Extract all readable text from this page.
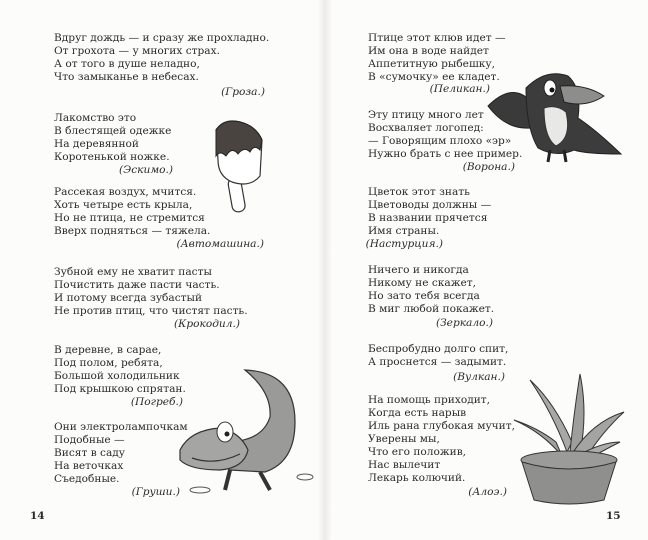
Вдруг дождь — и сразу же прохладно.
От грохота — у многих страх.
А от того в душе неладно,
Что замыканье в небесах.
(Гроза.)
Лакомство это
В блестящей одежке
На деревянной
Коротенькой ножке.
(Эскимо.)
Рассекая воздух, мчится.
Хоть четыре есть крыла,
Но не птица, не стремится
Вверх подняться — тяжела.
(Автомашина.)
Зубной ему не хватит пасты
Почистить даже пасти часть.
И потому всегда зубастый
Не против птиц, что чистят пасть.
(Крокодил.)
В деревне, в сарае,
Под полом, ребята,
Большой холодильник
Под крышкою спрятан.
(Погреб.)
Они электролампочкам
Подобные —
Висят в саду
На веточках
Съедобные.
(Груши.)
Птице этот клюв идет —
Им она в воде найдет
Аппетитную рыбешку,
В «сумочку» ее кладет.
(Пеликан.)
Эту птицу много лет
Восхваляет логопед:
— Говорящим плохо «эр»
Нужно брать с нее пример.
(Ворона.)
Цветок этот знать
Цветоводы должны —
В названии прячется
Имя страны.
(Настурция.)
Ничего и никогда
Никому не скажет,
Но зато тебя всегда
В миг любой покажет.
(Зеркало.)
Беспробудно долго спит,
А проснется — задымит.
(Вулкан.)
На помощь приходит,
Когда есть нарыв
Иль рана глубокая мучит,
Уверены мы,
Что его положив,
Нас вылечит
Лекарь колючий.
(Алоэ.)
14	15
